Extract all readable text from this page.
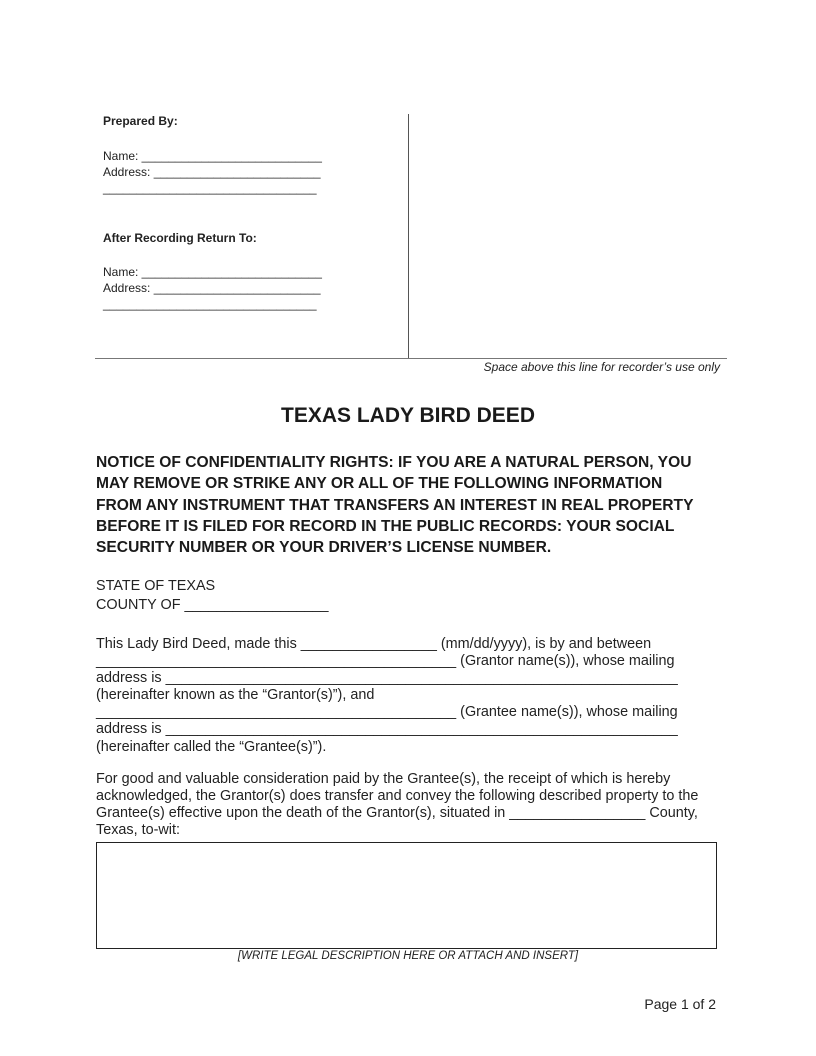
Prepared By:
Name: ___________________________
Address: _________________________
________________________________
After Recording Return To:
Name: ___________________________
Address: _________________________
________________________________
Space above this line for recorder’s use only
TEXAS LADY BIRD DEED
NOTICE OF CONFIDENTIALITY RIGHTS: IF YOU ARE A NATURAL PERSON, YOU
MAY REMOVE OR STRIKE ANY OR ALL OF THE FOLLOWING INFORMATION
FROM ANY INSTRUMENT THAT TRANSFERS AN INTEREST IN REAL PROPERTY
BEFORE IT IS FILED FOR RECORD IN THE PUBLIC RECORDS: YOUR SOCIAL
SECURITY NUMBER OR YOUR DRIVER’S LICENSE NUMBER.
STATE OF TEXAS
COUNTY OF __________________
This Lady Bird Deed, made this _________________ (mm/dd/yyyy), is by and between
_____________________________________________ (Grantor name(s)), whose mailing
address is ________________________________________________________________
(hereinafter known as the “Grantor(s)”), and
_____________________________________________ (Grantee name(s)), whose mailing
address is ________________________________________________________________
(hereinafter called the “Grantee(s)”).
For good and valuable consideration paid by the Grantee(s), the receipt of which is hereby
acknowledged, the Grantor(s) does transfer and convey the following described property to the
Grantee(s) effective upon the death of the Grantor(s), situated in _________________ County,
Texas, to-wit:
[WRITE LEGAL DESCRIPTION HERE OR ATTACH AND INSERT]
Page 1 of 2
